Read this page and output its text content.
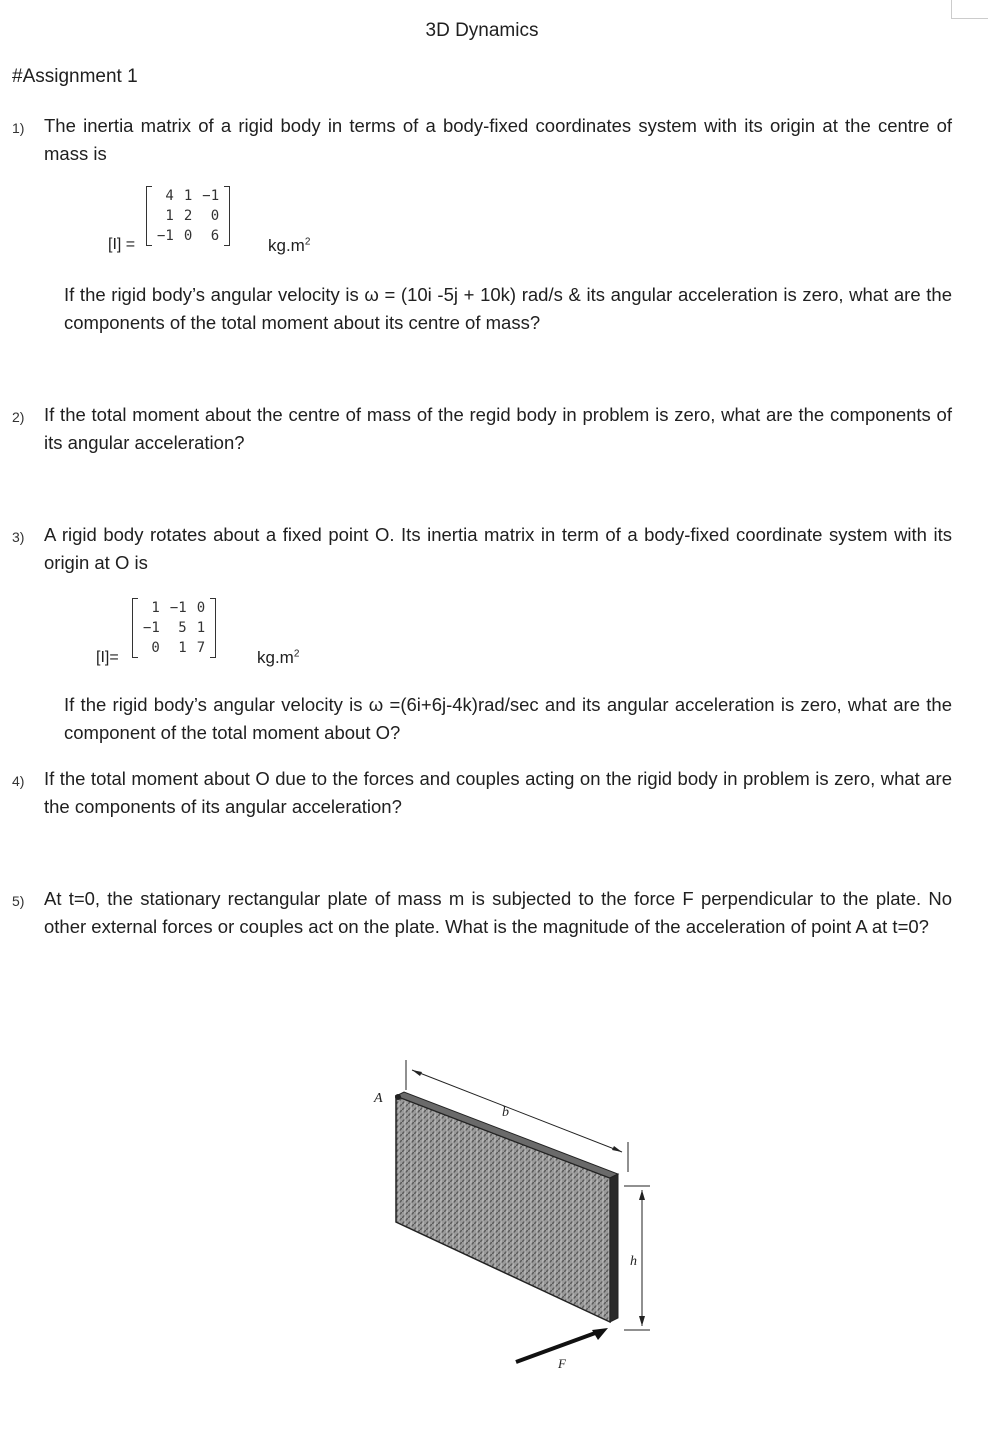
3D Dynamics
#Assignment 1
1) The inertia matrix of a rigid body in terms of a body-fixed coordinates system with its origin at the centre of mass is
[I] =
4	1	−1
1	2	0
−1	0	6	$kg.m^2$
If the rigid body’s angular velocity is ω = (10i -5j + 10k) rad/s & its angular acceleration is zero, what are the components of the total moment about its centre of mass?
2) If the total moment about the centre of mass of the regid body in problem is zero, what are the components of its angular acceleration?
3) A rigid body rotates about a fixed point O. Its inertia matrix in term of a body-fixed coordinate system with its origin at O is
[I]=
1	−1	0
−1	5	1
0	1	7	$kg.m^2$
If the rigid body’s angular velocity is ω =(6i+6j-4k)rad/sec and its angular acceleration is zero, what are the component of the total moment about O?
4) If the total moment about O due to the forces and couples acting on the rigid body in problem is zero, what are the components of its angular acceleration?
5) At t=0, the stationary rectangular plate of mass m is subjected to the force F perpendicular to the plate. No other external forces or couples act on the plate. What is the magnitude of the acceleration of point A at t=0?
A
b
h
F
